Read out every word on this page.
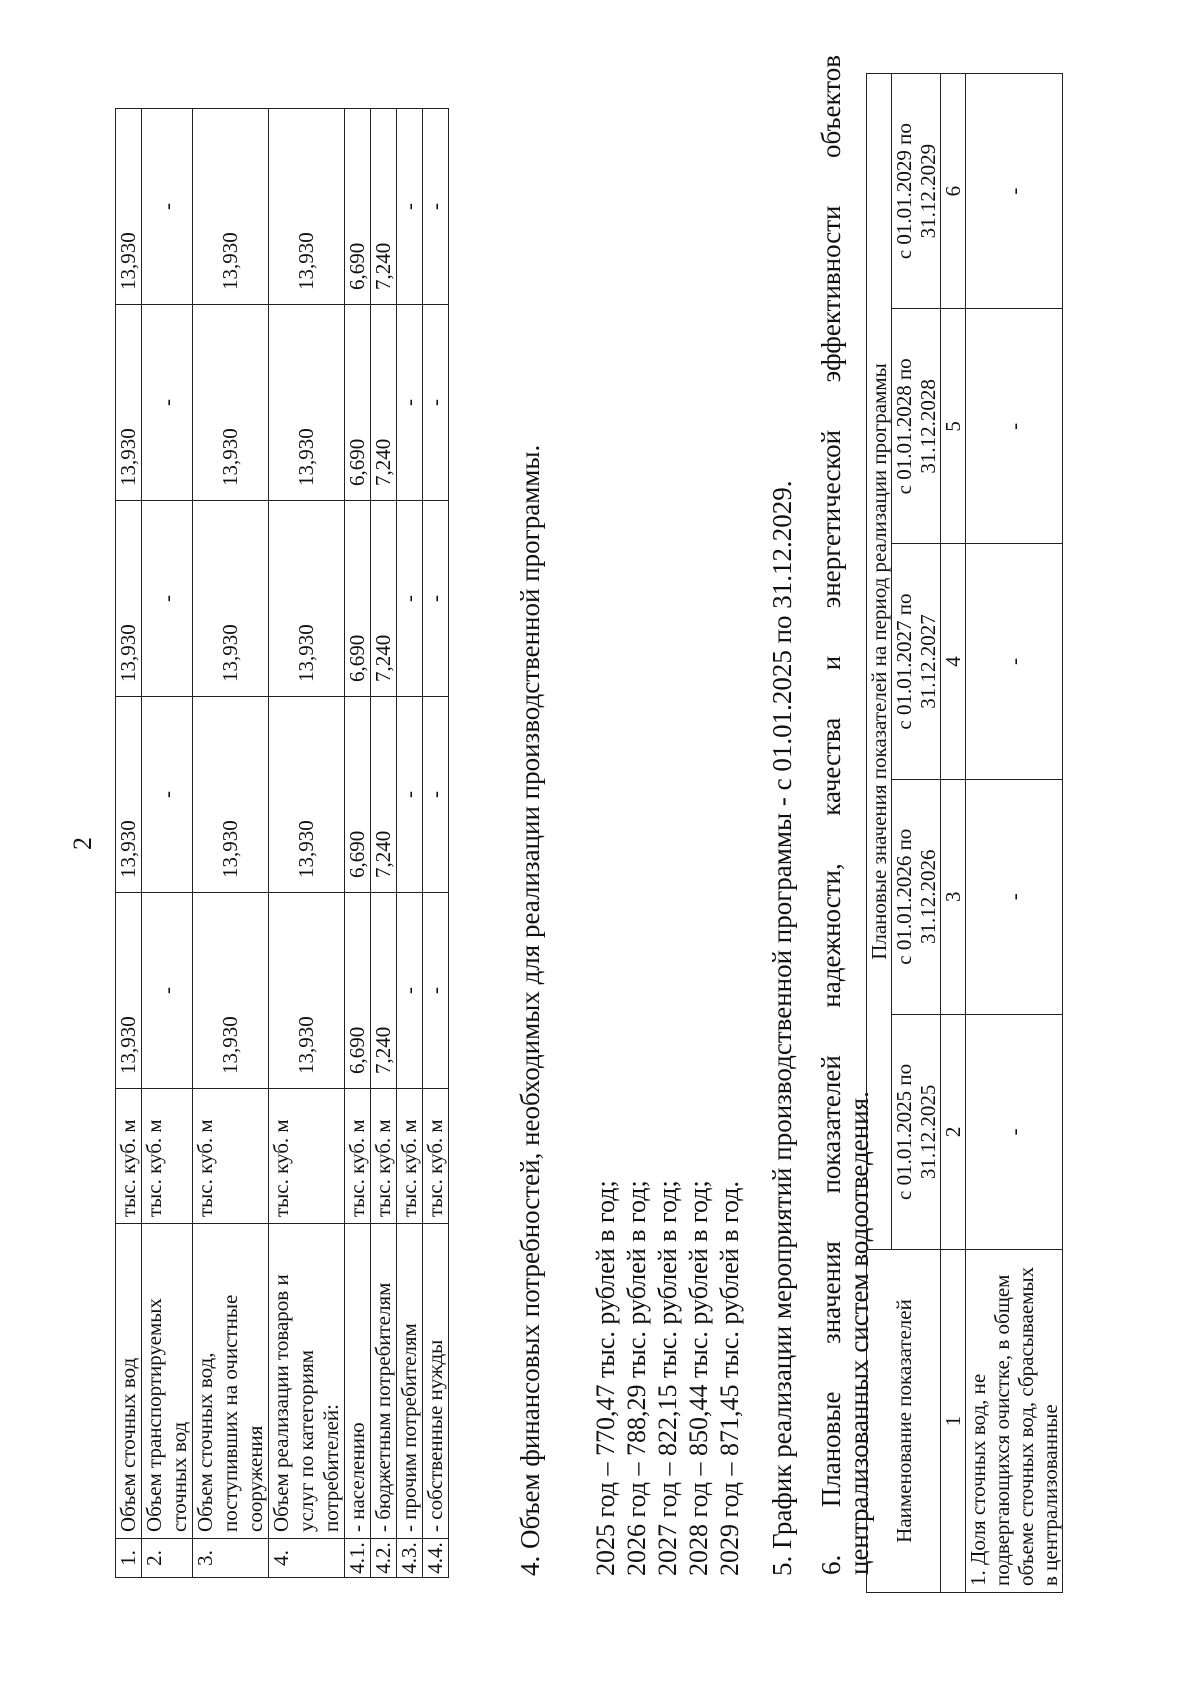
2
1.	Объем сточных вод	тыс. куб. м	13,930	13,930	13,930	13,930	13,930
2.	Объем транспортируемых сточных вод	тыс. куб. м	-	-	-	-	-
3.	Объем сточных вод, поступивших на очистные сооружения	тыс. куб. м	13,930	13,930	13,930	13,930	13,930
4.	Объем реализации товаров и услуг по категориям потребителей:	тыс. куб. м	13,930	13,930	13,930	13,930	13,930
4.1.	- населению	тыс. куб. м	6,690	6,690	6,690	6,690	6,690
4.2.	- бюджетным потребителям	тыс. куб. м	7,240	7,240	7,240	7,240	7,240
4.3.	- прочим потребителям	тыс. куб. м	-	-	-	-	-
4.4.	- собственные нужды	тыс. куб. м	-	-	-	-	-
4. Объем финансовых потребностей, необходимых для реализации производственной программы. 2025 год – 770,47 тыс. рублей в год; 2026 год – 788,29 тыс. рублей в год; 2027 год – 822,15 тыс. рублей в год; 2028 год – 850,44 тыс. рублей в год; 2029 год – 871,45 тыс. рублей в год. 5. График реализации мероприятий производственной программы - с 01.01.2025 по 31.12.2029. 6.
Плановые
значения
показателей
надежности,
качества
и
энергетической
эффективности
объектов
централизованных систем водоотведения. Наименование показателей	Плановые значения показателей на период реализации программы				
	с 01.01.2025 по 31.12.2025	с 01.01.2026 по 31.12.2026	с 01.01.2027 по 31.12.2027	с 01.01.2028 по 31.12.2028	с 01.01.2029 по 31.12.2029
1	2	3	4	5	6
1. Доля сточных вод, не подвергающихся очистке, в общем объеме сточных вод, сбрасываемых в централизованные	-	-	-	-	-
